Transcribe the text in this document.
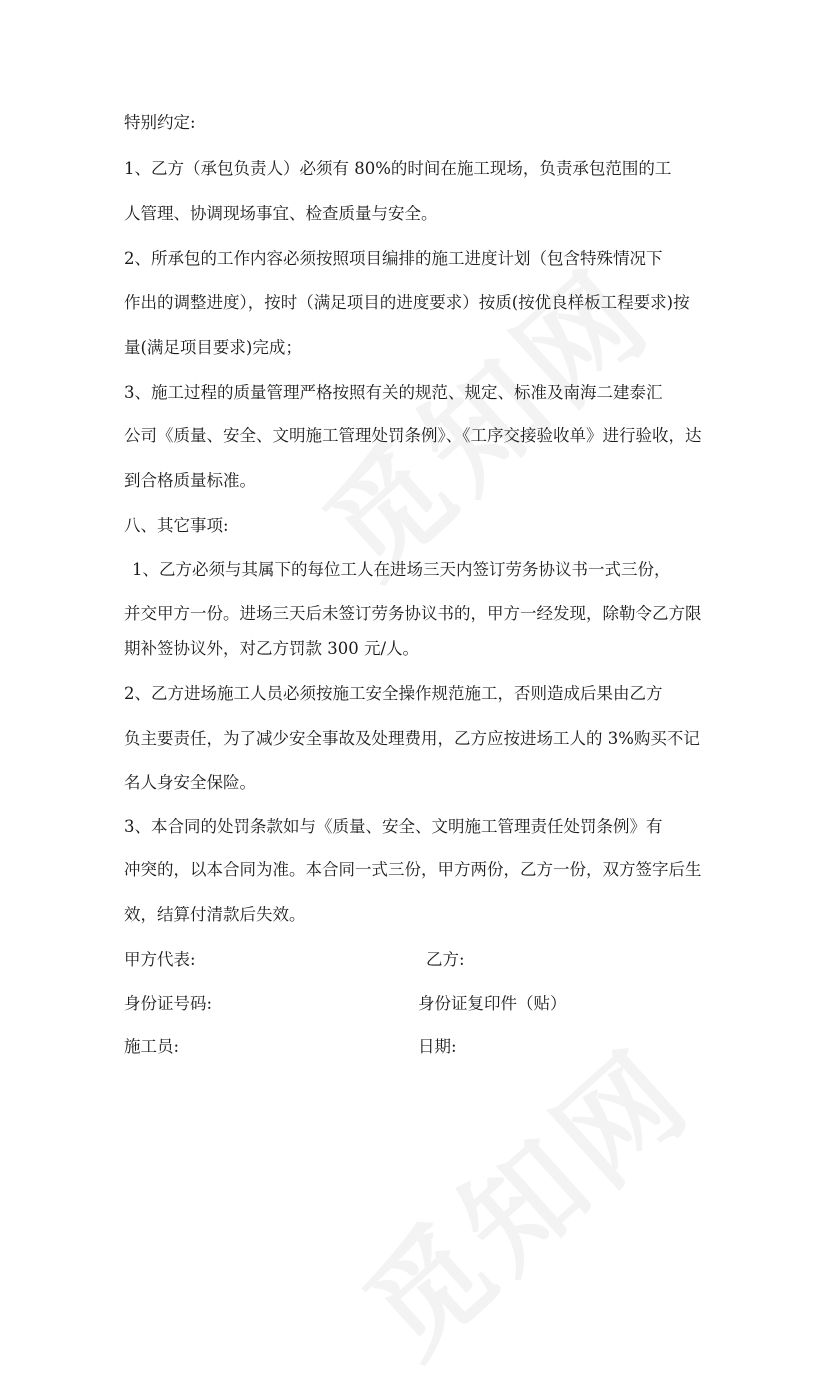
特别约定:
1、乙方（承包负责人）必须有 80%的时间在施工现场，负责承包范围的工
人管理、协调现场事宜、检查质量与安全。
2、所承包的工作内容必须按照项目编排的施工进度计划（包含特殊情况下
作出的调整进度），按时（满足项目的进度要求）按质(按优良样板工程要求)按
量(满足项目要求)完成；
3、施工过程的质量管理严格按照有关的规范、规定、标准及南海二建泰汇
公司《质量、安全、文明施工管理处罚条例》、《工序交接验收单》进行验收，达
到合格质量标准。
八、其它事项:
1、乙方必须与其属下的每位工人在进场三天内签订劳务协议书一式三份，
并交甲方一份。进场三天后未签订劳务协议书的，甲方一经发现，除勒令乙方限
期补签协议外，对乙方罚款 300 元/人。
2、乙方进场施工人员必须按施工安全操作规范施工，否则造成后果由乙方
负主要责任，为了减少安全事故及处理费用，乙方应按进场工人的 3%购买不记
名人身安全保险。
3、本合同的处罚条款如与《质量、安全、文明施工管理责任处罚条例》有
冲突的，以本合同为准。本合同一式三份，甲方两份，乙方一份，双方签字后生
效，结算付清款后失效。
甲方代表:	乙方:
身份证号码:	身份证复印件（贴）
施工员:	日期:
